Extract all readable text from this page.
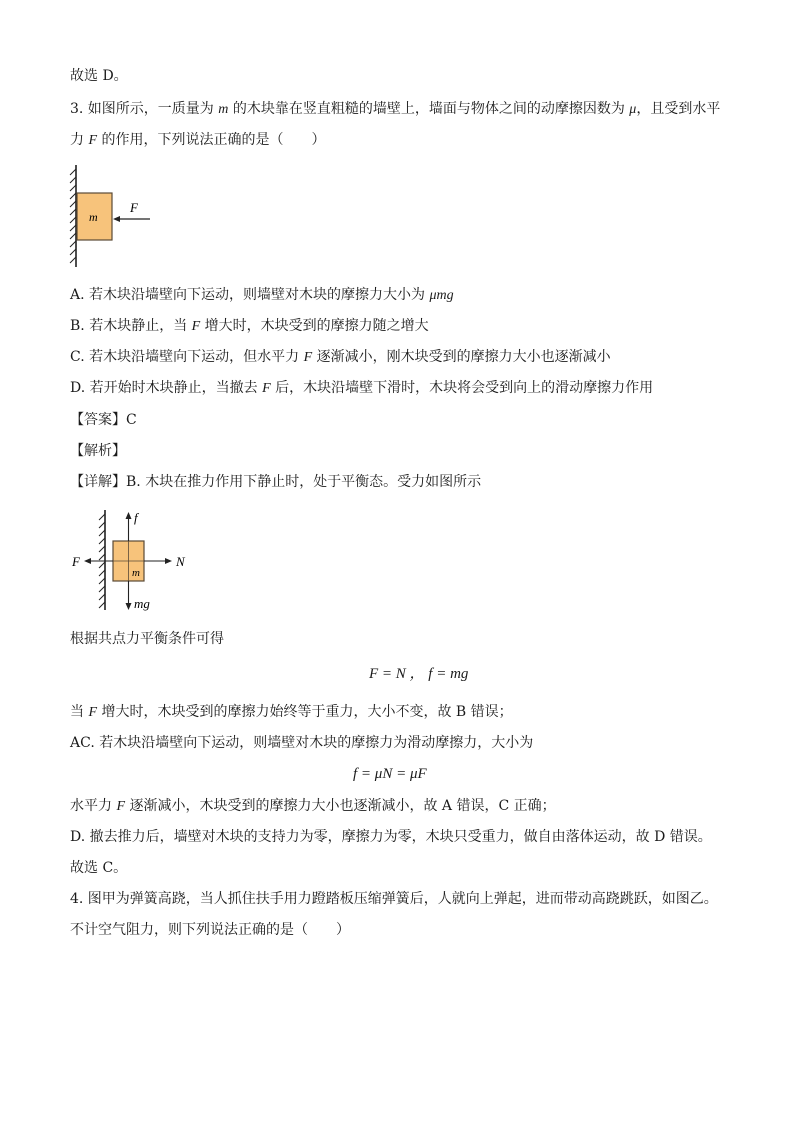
故选 D。
3. 如图所示，一质量为 m 的木块靠在竖直粗糙的墙壁上，墙面与物体之间的动摩擦因数为 μ，且受到水平
力 F 的作用，下列说法正确的是（　　）
m
F
A. 若木块沿墙壁向下运动，则墙壁对木块的摩擦力大小为 μmg
B. 若木块静止，当 F 增大时，木块受到的摩擦力随之增大
C. 若木块沿墙壁向下运动，但水平力 F 逐渐减小，刚木块受到的摩擦力大小也逐渐减小
D. 若开始时木块静止，当撤去 F 后，木块沿墙壁下滑时，木块将会受到向上的滑动摩擦力作用
【答案】C
【解析】
【详解】B. 木块在推力作用下静止时，处于平衡态。受力如图所示
m
f
mg
N
F
根据共点力平衡条件可得
F = N ， f = mg
当 F 增大时，木块受到的摩擦力始终等于重力，大小不变，故 B 错误；
AC. 若木块沿墙壁向下运动，则墙壁对木块的摩擦力为滑动摩擦力，大小为
f = μN = μF
水平力 F 逐渐减小，木块受到的摩擦力大小也逐渐减小，故 A 错误，C 正确；
D. 撤去推力后，墙壁对木块的支持力为零，摩擦力为零，木块只受重力，做自由落体运动，故 D 错误。
故选 C。
4. 图甲为弹簧高跷，当人抓住扶手用力蹬踏板压缩弹簧后，人就向上弹起，进而带动高跷跳跃，如图乙。
不计空气阻力，则下列说法正确的是（　　）
